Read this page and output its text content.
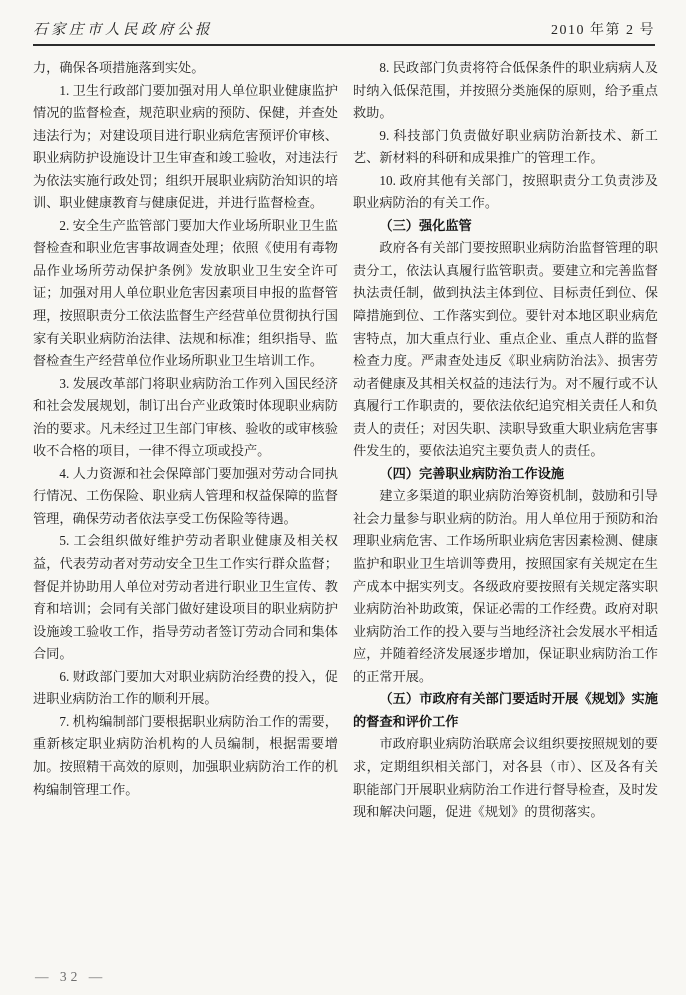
石家庄市人民政府公报	2010 年第 2 号

力，确保各项措施落到实处。

1. 卫生行政部门要加强对用人单位职业健康监护情况的监督检查，规范职业病的预防、保健，并查处违法行为；对建设项目进行职业病危害预评价审核、职业病防护设施设计卫生审查和竣工验收，对违法行为依法实施行政处罚；组织开展职业病防治知识的培训、职业健康教育与健康促进，并进行监督检查。

2. 安全生产监管部门要加大作业场所职业卫生监督检查和职业危害事故调查处理；依照《使用有毒物品作业场所劳动保护条例》发放职业卫生安全许可证；加强对用人单位职业危害因素项目申报的监督管理，按照职责分工依法监督生产经营单位贯彻执行国家有关职业病防治法律、法规和标准；组织指导、监督检查生产经营单位作业场所职业卫生培训工作。

3. 发展改革部门将职业病防治工作列入国民经济和社会发展规划，制订出台产业政策时体现职业病防治的要求。凡未经过卫生部门审核、验收的或审核验收不合格的项目，一律不得立项或投产。

4. 人力资源和社会保障部门要加强对劳动合同执行情况、工伤保险、职业病人管理和权益保障的监督管理，确保劳动者依法享受工伤保险等待遇。

5. 工会组织做好维护劳动者职业健康及相关权益，代表劳动者对劳动安全卫生工作实行群众监督；督促并协助用人单位对劳动者进行职业卫生宣传、教育和培训；会同有关部门做好建设项目的职业病防护设施竣工验收工作，指导劳动者签订劳动合同和集体合同。

6. 财政部门要加大对职业病防治经费的投入，促进职业病防治工作的顺利开展。

7. 机构编制部门要根据职业病防治工作的需要，重新核定职业病防治机构的人员编制，根据需要增加。按照精干高效的原则，加强职业病防治工作的机构编制管理工作。

8. 民政部门负责将符合低保条件的职业病病人及时纳入低保范围，并按照分类施保的原则，给予重点救助。

9. 科技部门负责做好职业病防治新技术、新工艺、新材料的科研和成果推广的管理工作。

10. 政府其他有关部门，按照职责分工负责涉及职业病防治的有关工作。

（三）强化监管

政府各有关部门要按照职业病防治监督管理的职责分工，依法认真履行监管职责。要建立和完善监督执法责任制，做到执法主体到位、目标责任到位、保障措施到位、工作落实到位。要针对本地区职业病危害特点，加大重点行业、重点企业、重点人群的监督检查力度。严肃查处违反《职业病防治法》、损害劳动者健康及其相关权益的违法行为。对不履行或不认真履行工作职责的，要依法依纪追究相关责任人和负责人的责任；对因失职、渎职导致重大职业病危害事件发生的，要依法追究主要负责人的责任。

（四）完善职业病防治工作设施

建立多渠道的职业病防治筹资机制，鼓励和引导社会力量参与职业病的防治。用人单位用于预防和治理职业病危害、工作场所职业病危害因素检测、健康监护和职业卫生培训等费用，按照国家有关规定在生产成本中据实列支。各级政府要按照有关规定落实职业病防治补助政策，保证必需的工作经费。政府对职业病防治工作的投入要与当地经济社会发展水平相适应，并随着经济发展逐步增加，保证职业病防治工作的正常开展。

（五）市政府有关部门要适时开展《规划》实施的督查和评价工作

市政府职业病防治联席会议组织要按照规划的要求，定期组织相关部门，对各县（市）、区及各有关职能部门开展职业病防治工作进行督导检查，及时发现和解决问题，促进《规划》的贯彻落实。

— 32 —
